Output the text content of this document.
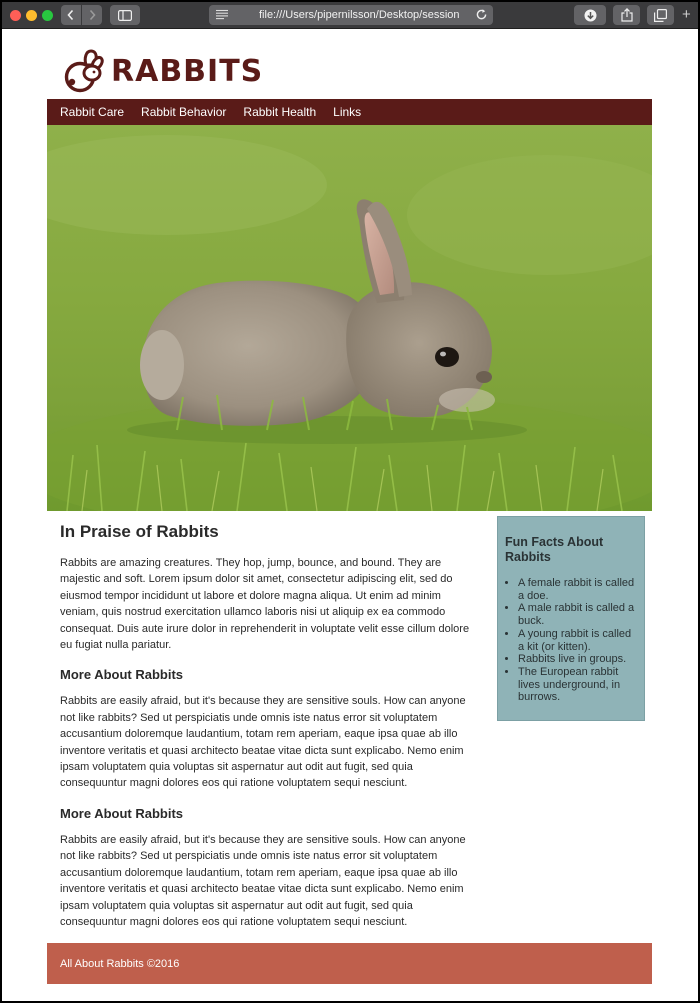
file:///Users/pipernilsson/Desktop/session	+
RABBITS
Rabbit Care Rabbit Behavior Rabbit Health Links
In Praise of Rabbits

Rabbits are amazing creatures. They hop, jump, bounce, and bound. They are majestic and soft. Lorem ipsum dolor sit amet, consectetur adipiscing elit, sed do eiusmod tempor incididunt ut labore et dolore magna aliqua. Ut enim ad minim veniam, quis nostrud exercitation ullamco laboris nisi ut aliquip ex ea commodo consequat. Duis aute irure dolor in reprehenderit in voluptate velit esse cillum dolore eu fugiat nulla pariatur.

More About Rabbits

Rabbits are easily afraid, but it's because they are sensitive souls. How can anyone not like rabbits? Sed ut perspiciatis unde omnis iste natus error sit voluptatem accusantium doloremque laudantium, totam rem aperiam, eaque ipsa quae ab illo inventore veritatis et quasi architecto beatae vitae dicta sunt explicabo. Nemo enim ipsam voluptatem quia voluptas sit aspernatur aut odit aut fugit, sed quia consequuntur magni dolores eos qui ratione voluptatem sequi nesciunt.

More About Rabbits

Rabbits are easily afraid, but it's because they are sensitive souls. How can anyone not like rabbits? Sed ut perspiciatis unde omnis iste natus error sit voluptatem accusantium doloremque laudantium, totam rem aperiam, eaque ipsa quae ab illo inventore veritatis et quasi architecto beatae vitae dicta sunt explicabo. Nemo enim ipsam voluptatem quia voluptas sit aspernatur aut odit aut fugit, sed quia consequuntur magni dolores eos qui ratione voluptatem sequi nesciunt.

Fun Facts About Rabbits
• A female rabbit is called a doe.
• A male rabbit is called a buck.
• A young rabbit is called a kit (or kitten).
• Rabbits live in groups.
• The European rabbit lives underground, in burrows.
All About Rabbits ©2016
